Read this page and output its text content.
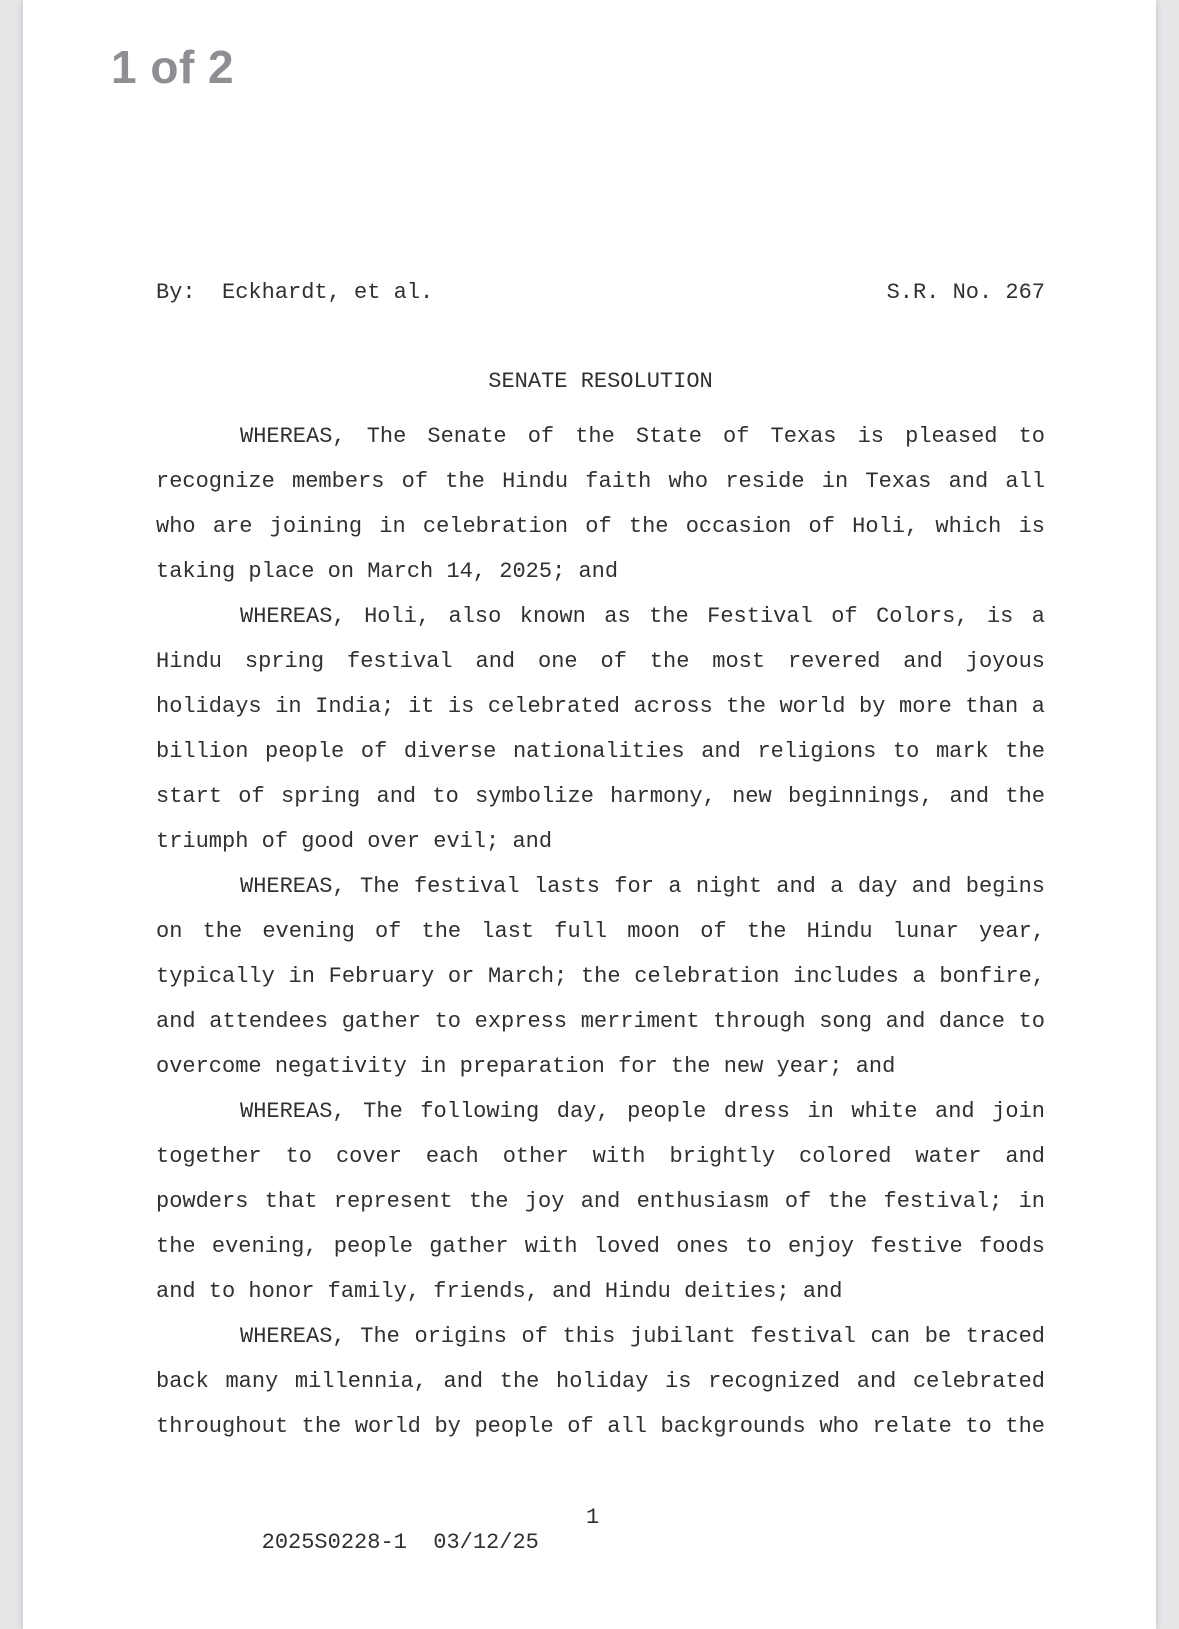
1 of 2
By:  Eckhardt, et al.	S.R. No. 267
SENATE RESOLUTION

WHEREAS, The Senate of the State of Texas is pleased to recognize members of the Hindu faith who reside in Texas and all who are joining in celebration of the occasion of Holi, which is taking place on March 14, 2025; and

WHEREAS, Holi, also known as the Festival of Colors, is a Hindu spring festival and one of the most revered and joyous holidays in India; it is celebrated across the world by more than a billion people of diverse nationalities and religions to mark the start of spring and to symbolize harmony, new beginnings, and the triumph of good over evil; and

WHEREAS, The festival lasts for a night and a day and begins on the evening of the last full moon of the Hindu lunar year, typically in February or March; the celebration includes a bonfire, and attendees gather to express merriment through song and dance to overcome negativity in preparation for the new year; and

WHEREAS, The following day, people dress in white and join together to cover each other with brightly colored water and powders that represent the joy and enthusiasm of the festival; in the evening, people gather with loved ones to enjoy festive foods and to honor family, friends, and Hindu deities; and

WHEREAS, The origins of this jubilant festival can be traced back many millennia, and the holiday is recognized and celebrated throughout the world by people of all backgrounds who relate to the

2025S0228-1  03/12/25

1
